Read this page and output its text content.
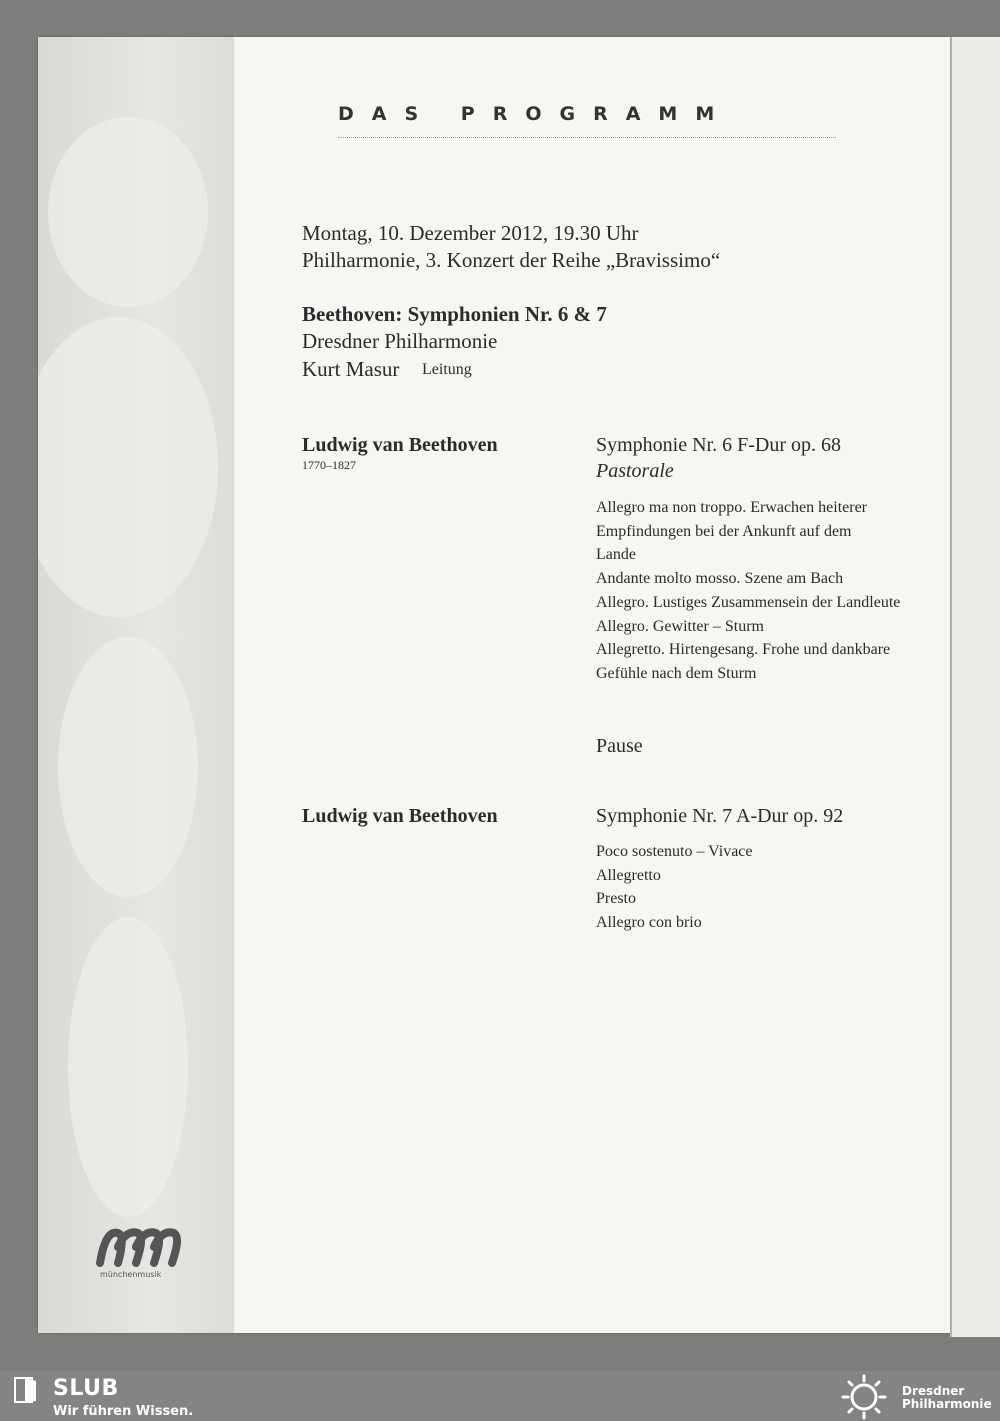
DAS PROGRAMM
Montag, 10. Dezember 2012, 19.30 Uhr
Philharmonie, 3. Konzert der Reihe „Bravissimo“
Beethoven: Symphonien Nr. 6 & 7
Dresdner Philharmonie
Kurt Masur Leitung
Ludwig van Beethoven
1770–1827
Symphonie Nr. 6 F-Dur op. 68
Pastorale
Allegro ma non troppo. Erwachen heiterer
Empfindungen bei der Ankunft auf dem
Lande
Andante molto mosso. Szene am Bach
Allegro. Lustiges Zusammensein der Landleute
Allegro. Gewitter – Sturm
Allegretto. Hirtengesang. Frohe und dankbare
Gefühle nach dem Sturm
Pause
Ludwig van Beethoven	Symphonie Nr. 7 A-Dur op. 92
Poco sostenuto – Vivace
Allegretto
Presto
Allegro con brio
münchenmusik
SLUB
Wir führen Wissen.
Dresdner
Philharmonie
